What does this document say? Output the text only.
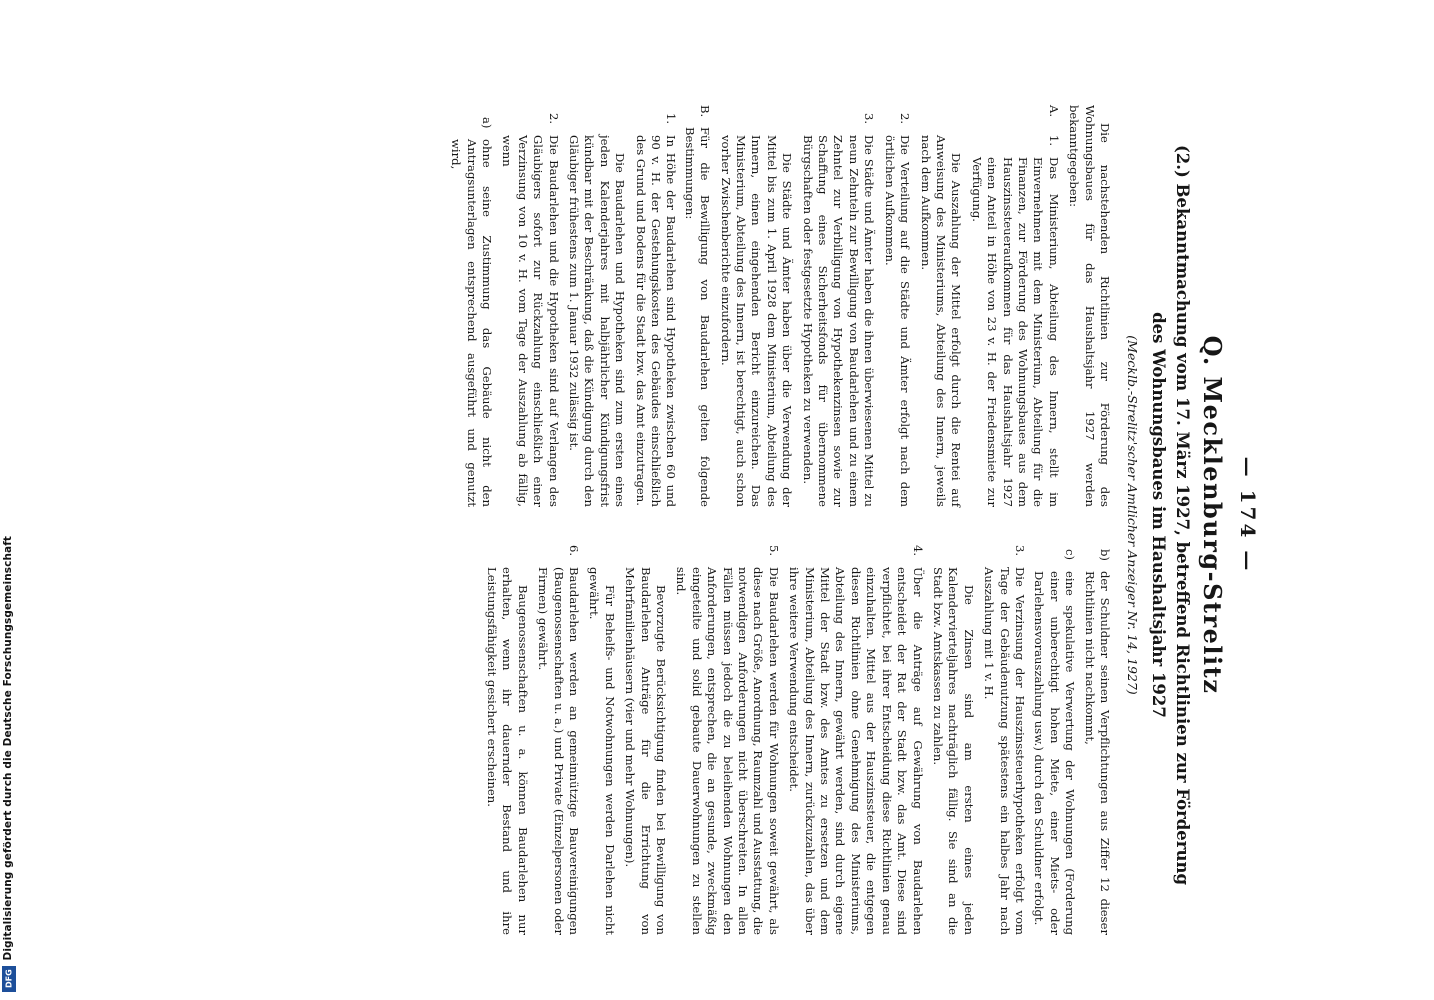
Digitalisierung gefördert durch die Deutsche Forschungsgemeinschaft
DFG
— 174 —
Q. Mecklenburg-Strelitz
(2.) Bekanntmachung vom 17. März 1927, betreffend Richtlinien zur Förderung
des Wohnungsbaues im Haushaltsjahr 1927
(Mecklb.-Strelitz'scher Amtlicher Anzeiger Nr. 14, 1927)

Die nachstehenden Richtlinien zur Förderung des Wohnungsbaues für das Haushaltsjahr 1927 werden bekanntgegeben:

A.
1.
Das Ministerium, Abteilung des Innern, stellt im Einvernehmen mit dem Ministerium, Abteilung für die Finanzen, zur Förderung des Wohnungsbaues aus dem Hauszinssteueraufkommen für das Haushaltsjahr 1927 einen Anteil in Höhe von 23 v. H. der Friedensmiete zur Verfügung.

Die Auszahlung der Mittel erfolgt durch die Rentei auf Anweisung des Ministeriums, Abteilung des Innern, jeweils nach dem Aufkommen.

2.
Die Verteilung auf die Städte und Ämter erfolgt nach dem örtlichen Aufkommen.
3.
Die Städte und Ämter haben die ihnen überwiesenen Mittel zu neun Zehnteln zur Bewilligung von Baudarlehen und zu einem Zehntel zur Verbilligung von Hypothekenzinsen sowie zur Schaffung eines Sicherheitsfonds für übernommene Bürgschaften oder festgesetzte Hypotheken zu verwenden.

Die Städte und Ämter haben über die Verwendung der Mittel bis zum 1. April 1928 dem Ministerium, Abteilung des Innern, einen eingehenden Bericht einzureichen. Das Ministerium, Abteilung des Innern, ist berechtigt, auch schon vorher Zwischenberichte einzufordern.

B.
Für die Bewilligung von Baudarlehen gelten folgende Bestimmungen:
1.
In Höhe der Baudarlehen sind Hypotheken zwischen 60 und 90 v. H. der Gestehungskosten des Gebäudes einschließlich des Grund und Bodens für die Stadt bzw. das Amt einzutragen.

Die Baudarlehen und Hypotheken sind zum ersten eines jeden Kalenderjahres mit halbjährlicher Kündigungsfrist kündbar mit der Beschränkung, daß die Kündigung durch den Gläubiger frühestens zum 1. Januar 1932 zulässig ist.

2.
Die Baudarlehen und die Hypotheken sind auf Verlangen des Gläubigers sofort zur Rückzahlung einschließlich einer Verzinsung von 10 v. H. vom Tage der Auszahlung ab fällig, wenn
a)
ohne seine Zustimmung das Gebäude nicht den Antragsunterlagen entsprechend ausgeführt und genutzt wird,
b)
der Schuldner seinen Verpflichtungen aus Ziffer 12 dieser Richtlinien nicht nachkommt,
c)
eine spekulative Verwertung der Wohnungen (Forderung einer unberechtigt hohen Miete, einer Miets- oder Darlehensvorauszahlung usw.) durch den Schuldner erfolgt.
3.
Die Verzinsung der Hauszinssteuerhypotheken erfolgt vom Tage der Gebäudenutzung spätestens ein halbes Jahr nach Auszahlung mit 1 v. H.

Die Zinsen sind am ersten eines jeden Kalendervierteljahres nachträglich fällig. Sie sind an die Stadt bzw. Amtskassen zu zahlen.

4.
Über die Anträge auf Gewährung von Baudarlehen entscheidet der Rat der Stadt bzw. das Amt. Diese sind verpflichtet, bei ihrer Entscheidung diese Richtlinien genau einzuhalten. Mittel aus der Hauszinssteuer, die entgegen diesen Richtlinien ohne Genehmigung des Ministeriums, Abteilung des Innern, gewährt werden, sind durch eigene Mittel der Stadt bzw. des Amtes zu ersetzen und dem Ministerium, Abteilung des Innern, zurückzuzahlen, das über ihre weitere Verwendung entscheidet.
5.
Die Baudarlehen werden für Wohnungen soweit gewährt, als diese nach Größe, Anordnung, Raumzahl und Ausstattung, die notwendigen Anforderungen nicht überschreiten. In allen Fällen müssen jedoch die zu beleihenden Wohnungen den Anforderungen, entsprechen, die an gesunde, zweckmäßig eingeteilte und solid gebaute Dauerwohnungen zu stellen sind.

Bevorzugte Berücksichtigung finden bei Bewilligung von Baudarlehen Anträge für die Errichtung von Mehrfamilienhäusern (vier und mehr Wohnungen).

Für Behelfs- und Notwohnungen werden Darlehen nicht gewährt.

6.
Baudarlehen werden an gemeinnützige Bauvereinigungen (Baugenossenschaften u. a.) und Private (Einzelpersonen oder Firmen) gewährt.

Baugenossenschaften u. a. können Baudarlehen nur erhalten, wenn ihr dauernder Bestand und ihre Leistungsfähigkeit gesichert erscheinen.
